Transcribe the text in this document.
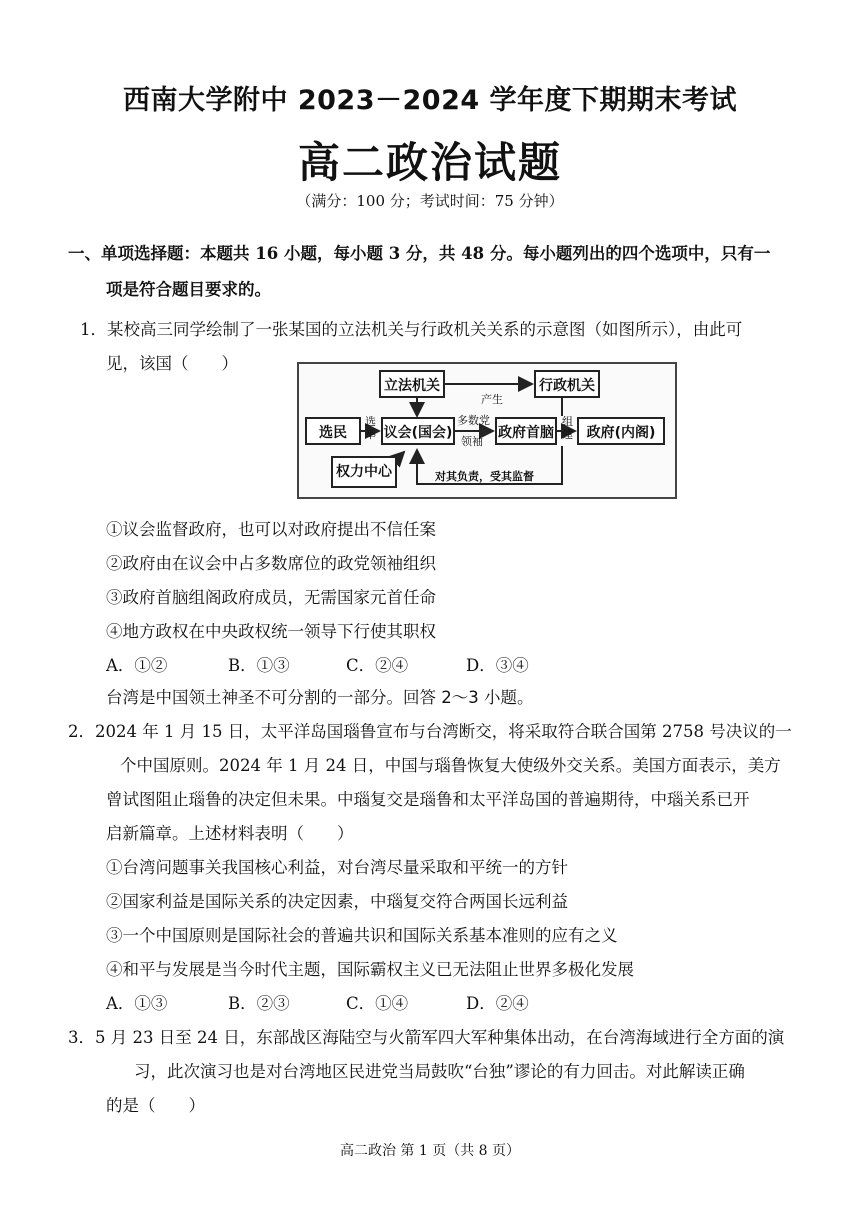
西南大学附中 2023－2024 学年度下期期末考试
高二政治试题
（满分：100 分；考试时间：75 分钟）
一、单项选择题：本题共 16 小题，每小题 3 分，共 48 分。每小题列出的四个选项中，只有一
项是符合题目要求的。
1．某校高三同学绘制了一张某国的立法机关与行政机关关系的示意图（如图所示），由此可
见，该国（　　）
立法机关	行政机关
产生
选民
选
举 议会(国会)
多数党
领袖
政府首脑
组
建 政府(内阁)
权力中心	对其负责，受其监督
①议会监督政府，也可以对政府提出不信任案
②政府由在议会中占多数席位的政党领袖组织
③政府首脑组阁政府成员，无需国家元首任命
④地方政权在中央政权统一领导下行使其职权
A．①②	B．①③	C．②④	D．③④
台湾是中国领土神圣不可分割的一部分。回答 2～3 小题。
2．2024 年 1 月 15 日，太平洋岛国瑙鲁宣布与台湾断交，将采取符合联合国第 2758 号决议的一
个中国原则。2024 年 1 月 24 日，中国与瑙鲁恢复大使级外交关系。美国方面表示，美方
曾试图阻止瑙鲁的决定但未果。中瑙复交是瑙鲁和太平洋岛国的普遍期待，中瑙关系已开
启新篇章。上述材料表明（　　）
①台湾问题事关我国核心利益，对台湾尽量采取和平统一的方针
②国家利益是国际关系的决定因素，中瑙复交符合两国长远利益
③一个中国原则是国际社会的普遍共识和国际关系基本准则的应有之义
④和平与发展是当今时代主题，国际霸权主义已无法阻止世界多极化发展
A．①③	B．②③	C．①④	D．②④
3．5 月 23 日至 24 日，东部战区海陆空与火箭军四大军种集体出动，在台湾海域进行全方面的演
习，此次演习也是对台湾地区民进党当局鼓吹“台独”谬论的有力回击。对此解读正确
的是（　　）
高二政治 第 1 页（共 8 页）
